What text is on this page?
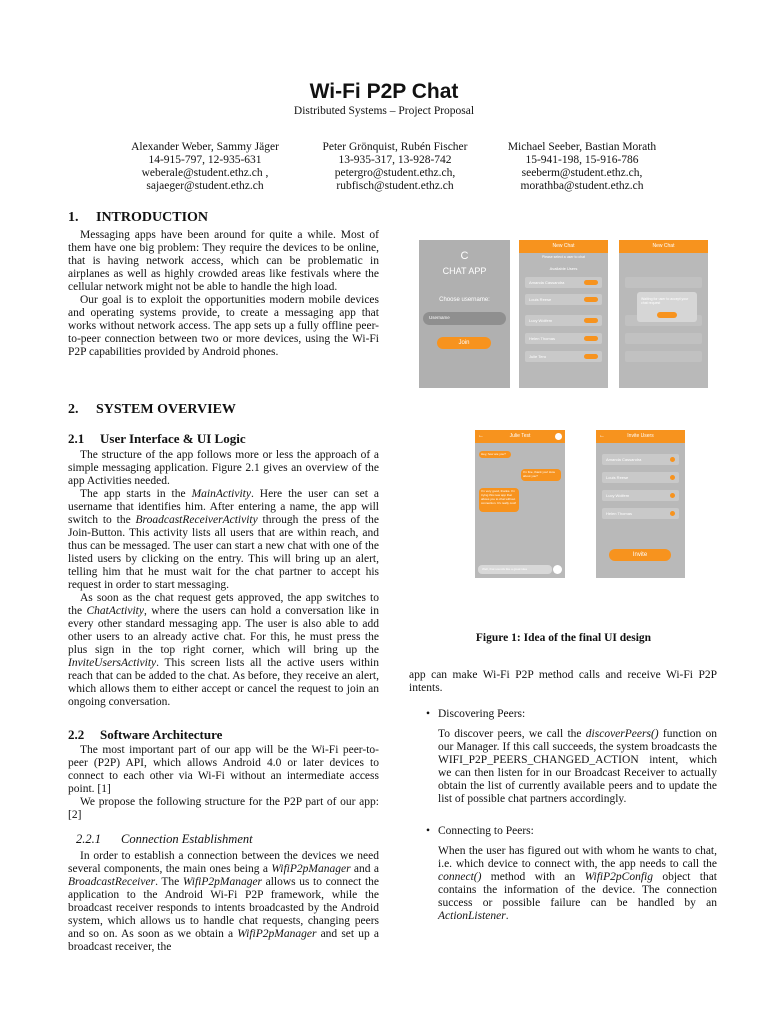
Wi-Fi P2P Chat
Distributed Systems – Project Proposal
Alexander Weber, Sammy Jäger
14-915-797, 12-935-631
weberale@student.ethz.ch ,
sajaeger@student.ethz.ch
Peter Grönquist, Rubén Fischer
13-935-317, 13-928-742
petergro@student.ethz.ch,
rubfisch@student.ethz.ch
Michael Seeber, Bastian Morath
15-941-198, 15-916-786
seeberm@student.ethz.ch,
morathba@student.ethz.ch
1. INTRODUCTION

Messaging apps have been around for quite a while. Most of them have one big problem: They require the devices to be online, that is having network access, which can be problematic in airplanes as well as highly crowded areas like festivals where the cellular network might not be able to handle the high load.

Our goal is to exploit the opportunities modern mobile devices and operating systems provide, to create a messaging app that works without network access. The app sets up a fully offline peer-to-peer connection between two or more devices, using the Wi-Fi P2P capabilities provided by Android phones.

2. SYSTEM OVERVIEW
2.1 User Interface & UI Logic

The structure of the app follows more or less the approach of a simple messaging application. Figure 2.1 gives an overview of the app Activities needed.

The app starts in the MainActivity. Here the user can set a username that identifies him. After entering a name, the app will switch to the BroadcastReceiverActivity through the press of the Join-Button. This activity lists all users that are within reach, and thus can be messaged. The user can start a new chat with one of the listed users by clicking on the entry. This will bring up an alert, telling him that he must wait for the chat partner to accept his request in order to start messaging.

As soon as the chat request gets approved, the app switches to the ChatActivity, where the users can hold a conversation like in every other standard messaging app. The user is also able to add other users to an already active chat. For this, he must press the plus sign in the top right corner, which will bring up the InviteUsersActivity. This screen lists all the active users within reach that can be added to the chat. As before, they receive an alert, which allows them to either accept or cancel the request to join an ongoing conversation.

2.2 Software Architecture

The most important part of our app will be the Wi-Fi peer-to-peer (P2P) API, which allows Android 4.0 or later devices to connect to each other via Wi-Fi without an intermediate access point. [1]

We propose the following structure for the P2P part of our app: [2]

2.2.1 Connection Establishment

In order to establish a connection between the devices we need several components, the main ones being a WifiP2pManager and a BroadcastReceiver. The WifiP2pManager allows us to connect the application to the Android Wi-Fi P2P framework, while the broadcast receiver responds to intents broadcasted by the Android system, which allows us to handle chat requests, changing peers and so on. As soon as we obtain a WifiP2pManager and set up a broadcast receiver, the

C
CHAT APP
Choose username:
Username
Join
New Chat
Please select a user to chat
Available Users
Amanda Cassandra
Louis Reese
Lucy Wolfern
Helen Thomas
Julie Tero
New Chat
Waiting for user to accept your chat request
Julie Test
←
Hey, how are you?
I'm fine, thank you! How about you?
I'm very good, thanks. I'm trying this new app that allows you to chat without connection. It's really cool!
Well, that sounds like a great idea
Invite Users
←
Amanda Cassandra
Louis Reese
Lucy Wolfern
Helen Thomas
Invite
Figure 1: Idea of the final UI design

app can make Wi-Fi P2P method calls and receive Wi-Fi P2P intents.

• Discovering Peers:

To discover peers, we call the discoverPeers() function on our Manager. If this call succeeds, the system broadcasts the WIFI_P2P_PEERS_CHANGED_ACTION intent, which we can then listen for in our Broadcast Receiver to actually obtain the list of currently available peers and to update the list of possible chat partners accordingly.

• Connecting to Peers:

When the user has figured out with whom he wants to chat, i.e. which device to connect with, the app needs to call the connect() method with an WifiP2pConfig object that contains the information of the device. The connection success or possible failure can be handled by an ActionListener.
